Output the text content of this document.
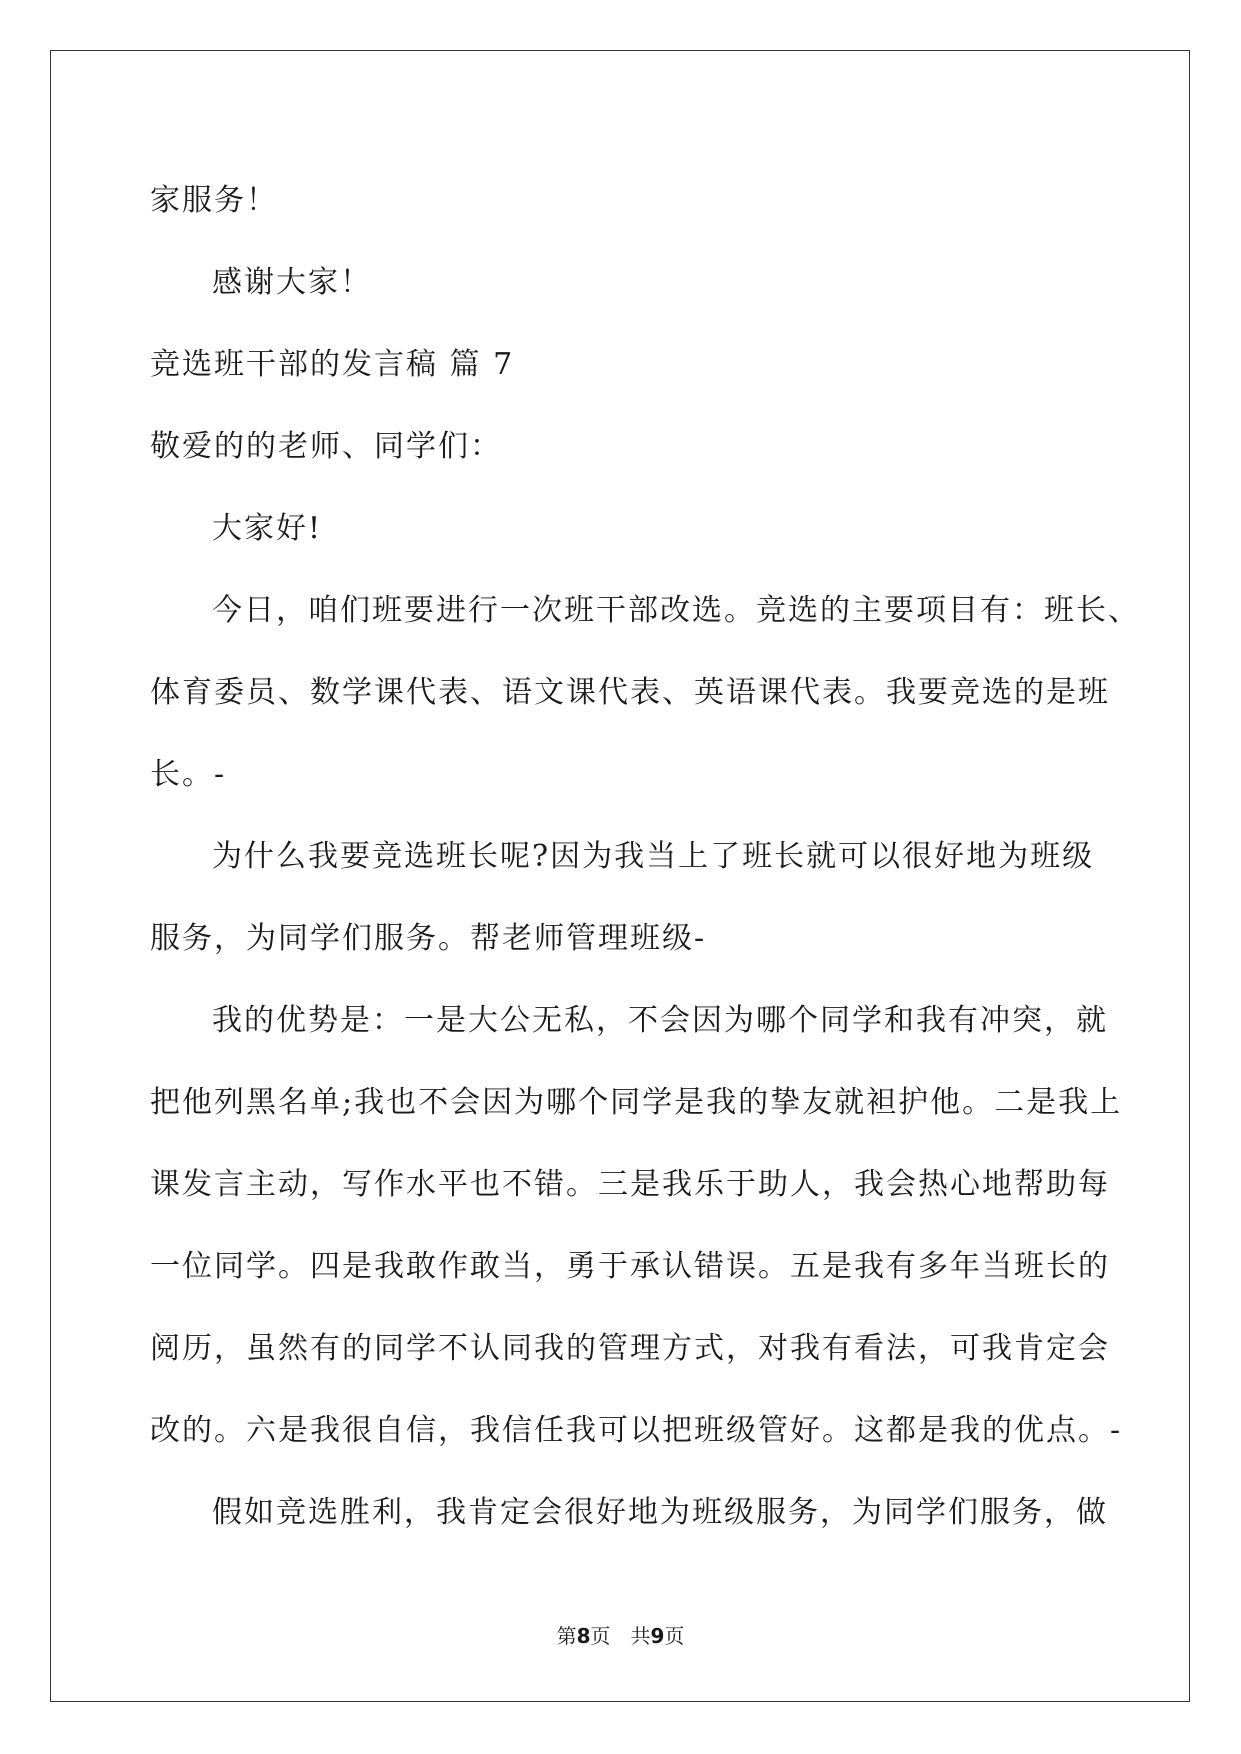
家服务！
感谢大家！
竞选班干部的发言稿 篇 7
敬爱的的老师、同学们：
大家好!
今日，咱们班要进行一次班干部改选。竞选的主要项目有：班长、
体育委员、数学课代表、语文课代表、英语课代表。我要竞选的是班
长。-
为什么我要竞选班长呢?因为我当上了班长就可以很好地为班级
服务，为同学们服务。帮老师管理班级-
我的优势是：一是大公无私，不会因为哪个同学和我有冲突，就
把他列黑名单;我也不会因为哪个同学是我的挚友就袒护他。二是我上
课发言主动，写作水平也不错。三是我乐于助人，我会热心地帮助每
一位同学。四是我敢作敢当，勇于承认错误。五是我有多年当班长的
阅历，虽然有的同学不认同我的管理方式，对我有看法，可我肯定会
改的。六是我很自信，我信任我可以把班级管好。这都是我的优点。-
假如竞选胜利，我肯定会很好地为班级服务，为同学们服务，做
第8页 共9页
